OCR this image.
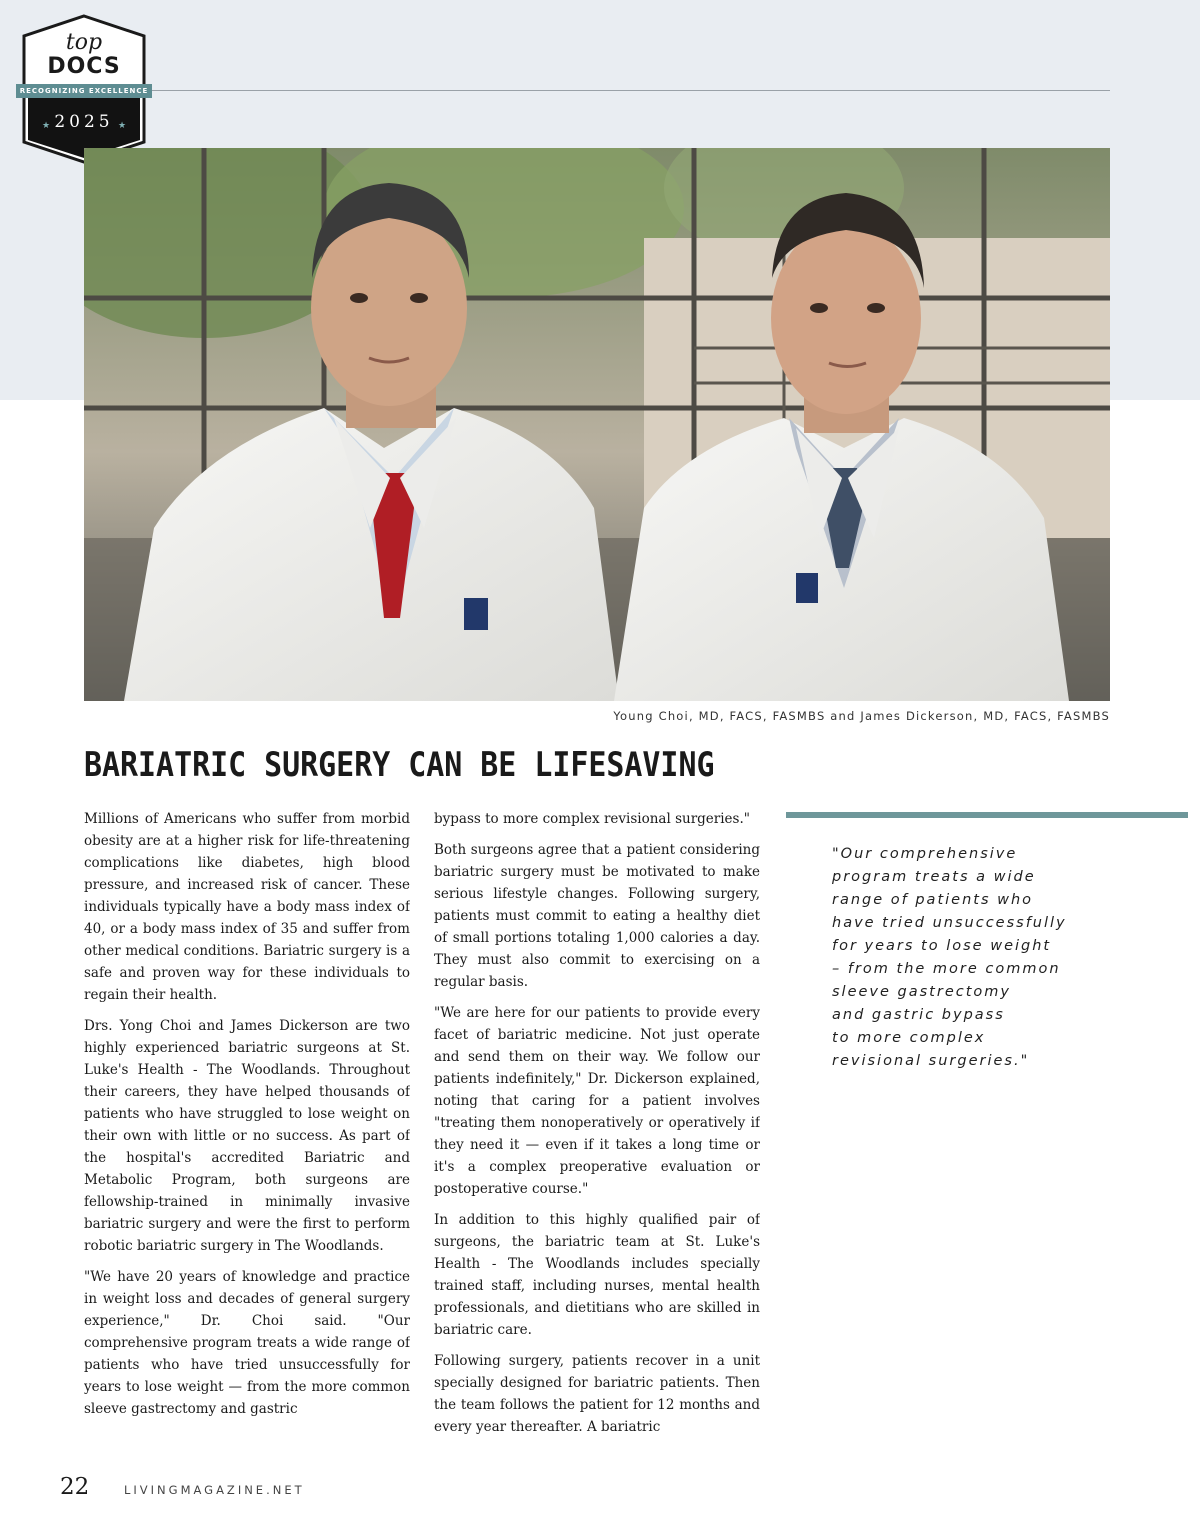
★	★
top
DOCS
RECOGNIZING EXCELLENCE
2025
Young Choi, MD, FACS, FASMBS and James Dickerson, MD, FACS, FASMBS
BARIATRIC SURGERY CAN BE LIFESAVING

Millions of Americans who suffer from morbid obesity are at a higher risk for life-threatening complications like diabetes, high blood pressure, and increased risk of cancer. These individuals typically have a body mass index of 40, or a body mass index of 35 and suffer from other medical conditions. Bariatric surgery is a safe and proven way for these individuals to regain their health.

Drs. Yong Choi and James Dickerson are two highly experienced bariatric surgeons at St. Luke's Health - The Woodlands. Throughout their careers, they have helped thousands of patients who have struggled to lose weight on their own with little or no success. As part of the hospital's accredited Bariatric and Metabolic Program, both surgeons are fellowship-trained in minimally invasive bariatric surgery and were the first to perform robotic bariatric surgery in The Woodlands.

"We have 20 years of knowledge and practice in weight loss and decades of general surgery experience," Dr. Choi said. "Our comprehensive program treats a wide range of patients who have tried unsuccessfully for years to lose weight — from the more common sleeve gastrectomy and gastric

bypass to more complex revisional surgeries."

Both surgeons agree that a patient considering bariatric surgery must be motivated to make serious lifestyle changes. Following surgery, patients must commit to eating a healthy diet of small portions totaling 1,000 calories a day. They must also commit to exercising on a regular basis.

"We are here for our patients to provide every facet of bariatric medicine. Not just operate and send them on their way. We follow our patients indefinitely," Dr. Dickerson explained, noting that caring for a patient involves "treating them nonoperatively or operatively if they need it — even if it takes a long time or it's a complex preoperative evaluation or postoperative course."

In addition to this highly qualified pair of surgeons, the bariatric team at St. Luke's Health - The Woodlands includes specially trained staff, including nurses, mental health professionals, and dietitians who are skilled in bariatric care.

Following surgery, patients recover in a unit specially designed for bariatric patients. Then the team follows the patient for 12 months and every year thereafter. A bariatric

"Our comprehensive
program treats a wide
range of patients who
have tried unsuccessfully
for years to lose weight
– from the more common
sleeve gastrectomy
and gastric bypass
to more complex
revisional surgeries."
22	LIVINGMAGAZINE.NET
